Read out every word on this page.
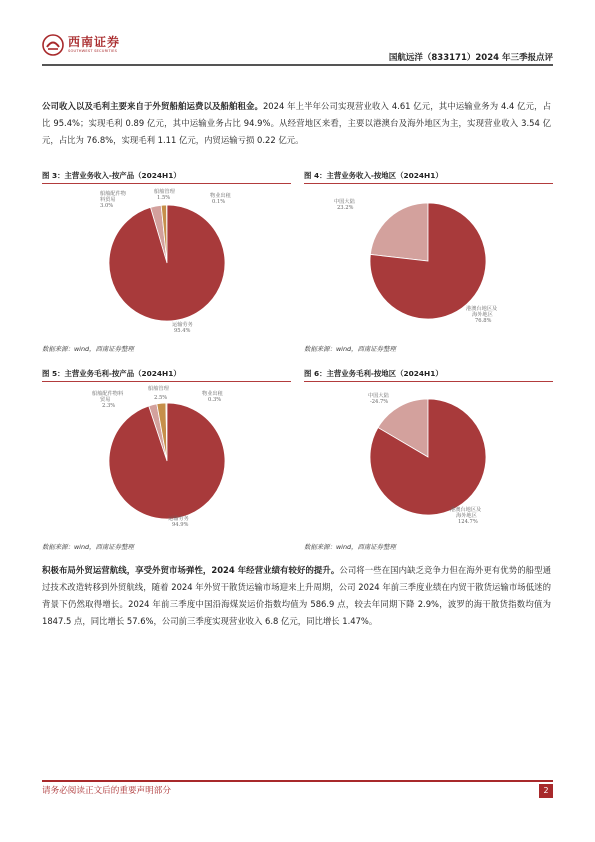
西南证券
SOUTHWEST SECURITIES
国航远洋（833171）2024 年三季报点评
公司收入以及毛利主要来自于外贸船舶运费以及船舶租金。2024 年上半年公司实现营业收入 4.61 亿元，其中运输业务为 4.4 亿元，占比 95.4%；实现毛利 0.89 亿元，其中运输业务占比 94.9%。从经营地区来看，主要以港澳台及海外地区为主，实现营业收入 3.54 亿元，占比为 76.8%，实现毛利 1.11 亿元，内贸运输亏损 0.22 亿元。
图 3：主营业务收入-按产品（2024H1）
船舶配件物料贸易 3.0%
船舶管理 1.5%	物业出租 0.1%
运输劳务 95.4%
数据来源：wind，西南证券整理
图 4：主营业务收入-按地区（2024H1）
中国大陆 23.2%
港澳台地区及海外地区 76.8%
数据来源：wind，西南证券整理
图 5：主营业务毛利-按产品（2024H1）
船舶配件物料贸易 2.3%
船舶管理 2.5%
物业出租 0.3%
运输劳务 94.9%
数据来源：wind，西南证券整理
图 6：主营业务毛利-按地区（2024H1）
中国大陆-24.7%
港澳台地区及海外地区 124.7%
数据来源：wind，西南证券整理
积极布局外贸运营航线，享受外贸市场弹性，2024 年经营业绩有较好的提升。公司将一些在国内缺乏竞争力但在海外更有优势的船型通过技术改造转移到外贸航线，随着 2024 年外贸干散货运输市场迎来上升周期，公司 2024 年前三季度业绩在内贸干散货运输市场低迷的背景下仍然取得增长。2024 年前三季度中国沿海煤炭运价指数均值为 586.9 点，较去年同期下降 2.9%，波罗的海干散货指数均值为 1847.5 点，同比增长 57.6%，公司前三季度实现营业收入 6.8 亿元，同比增长 1.47%。
请务必阅读正文后的重要声明部分	2
